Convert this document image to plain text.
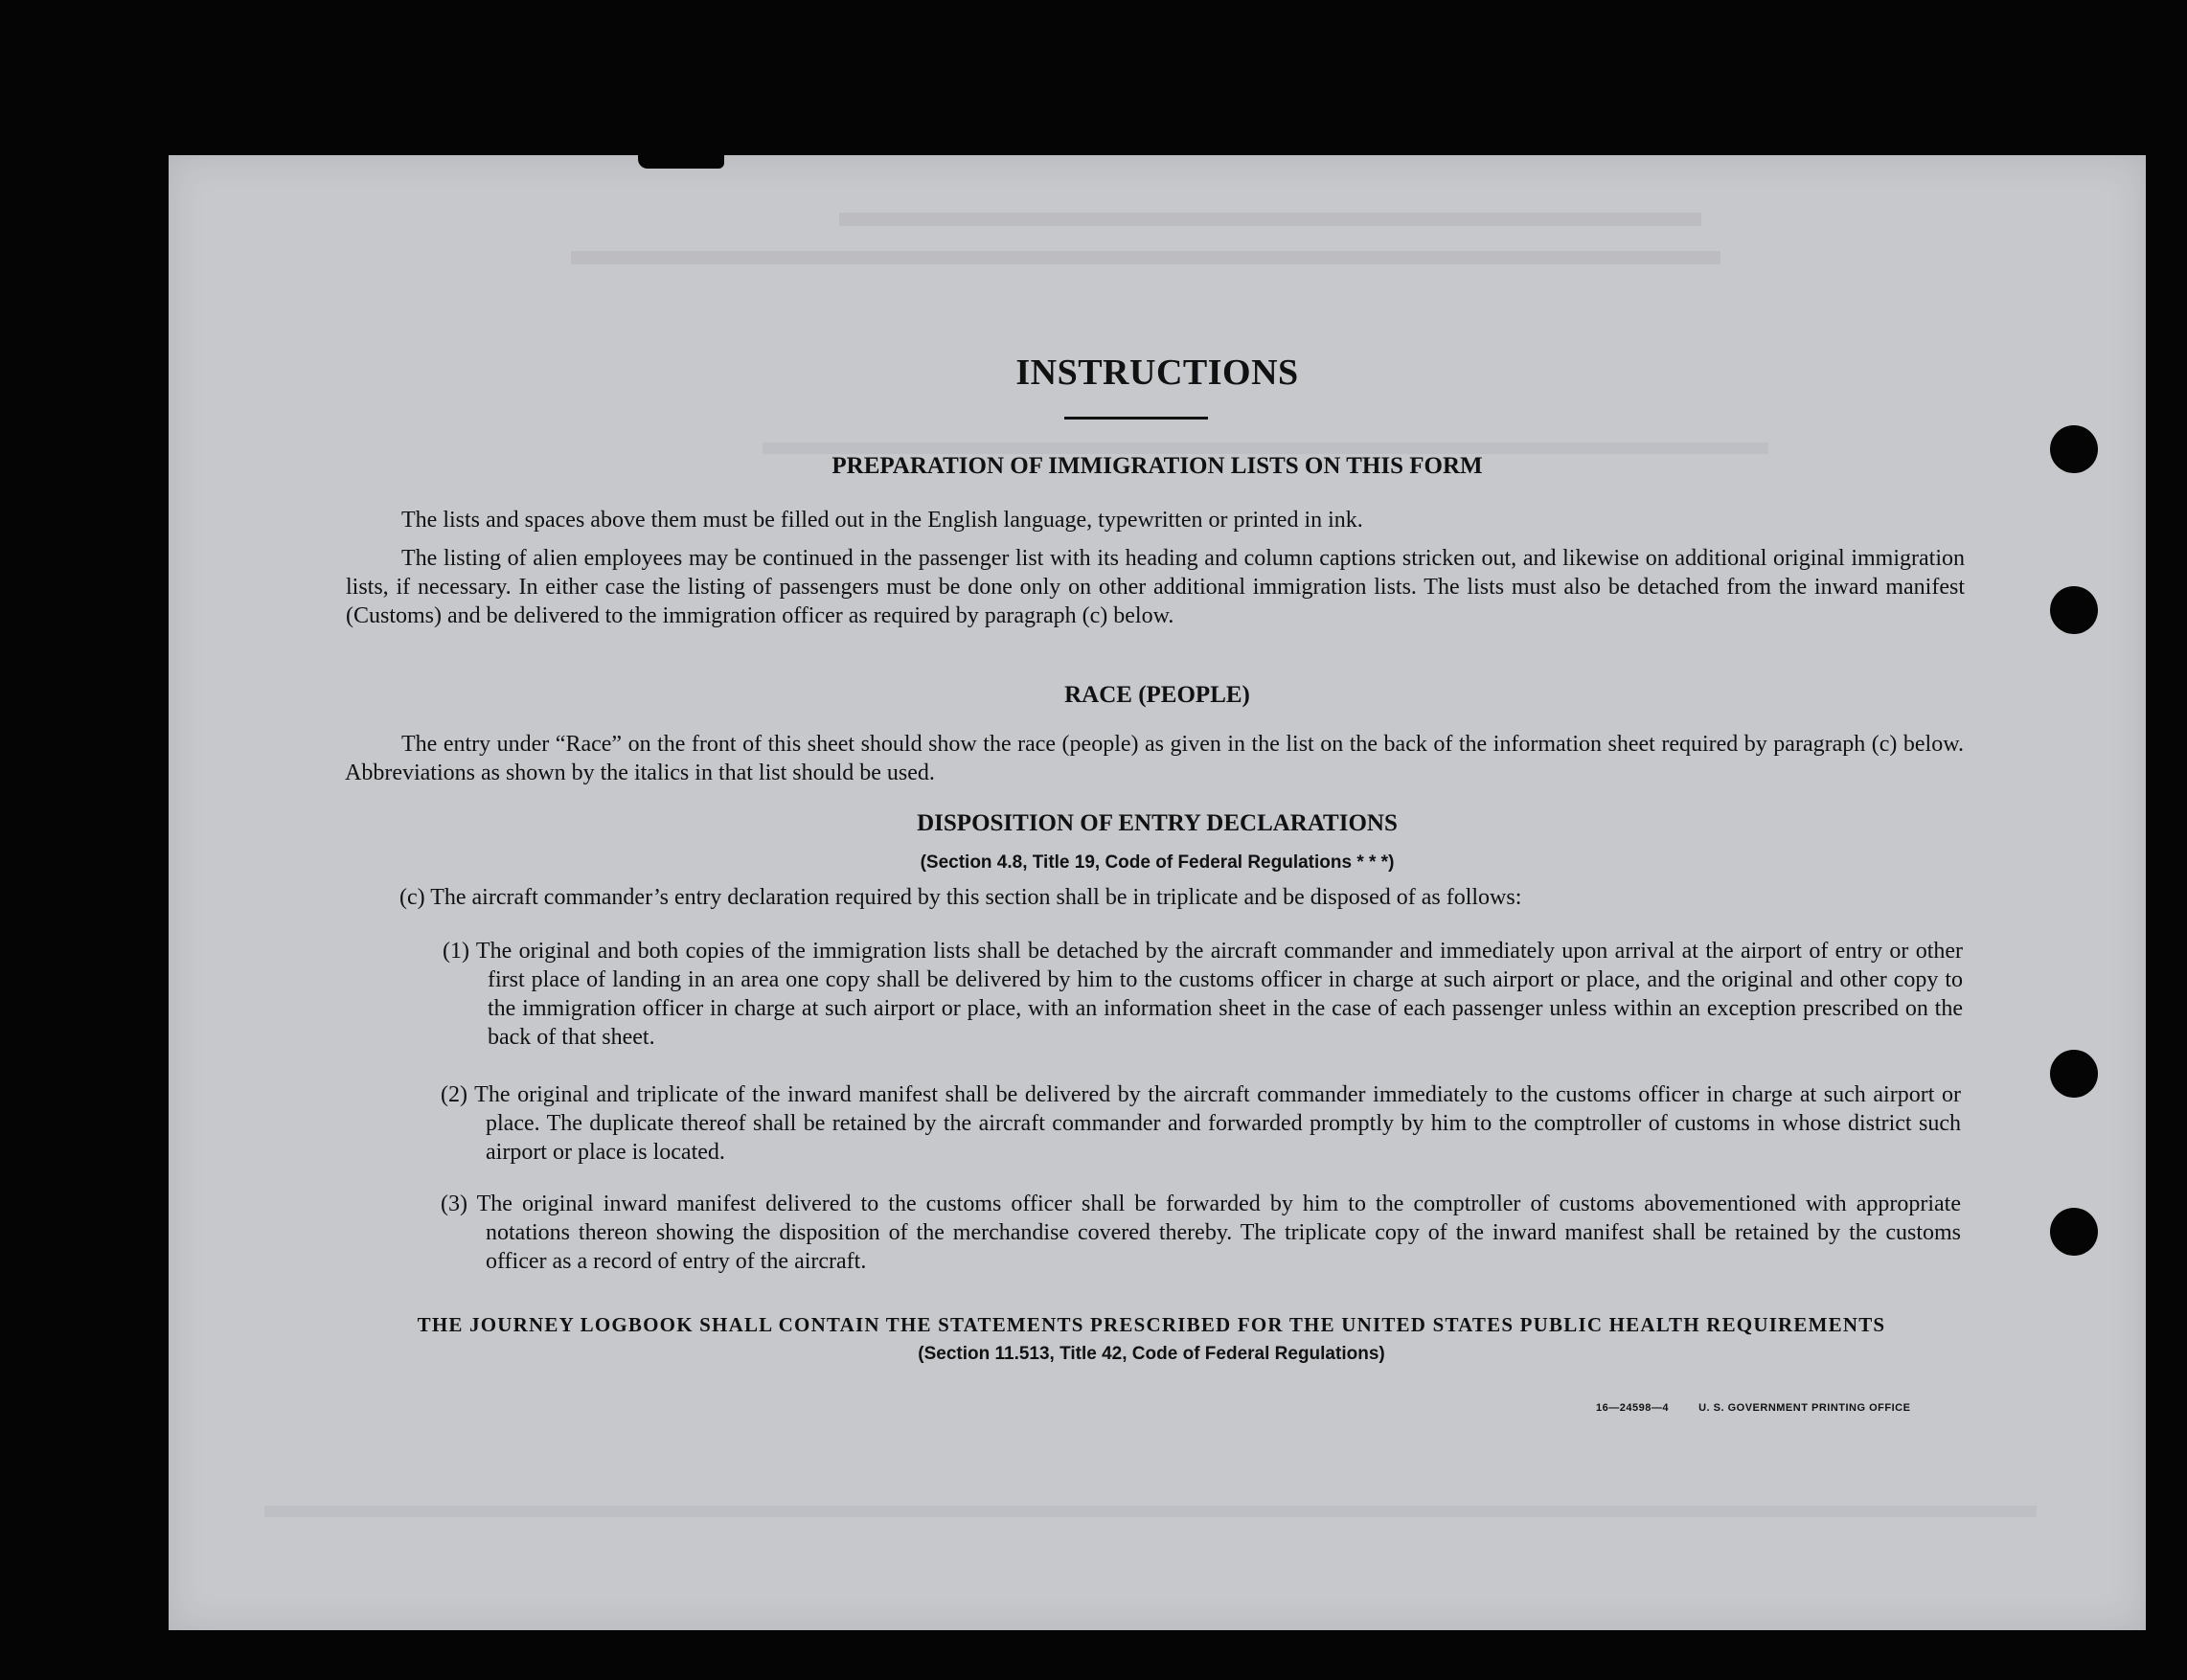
INSTRUCTIONS
PREPARATION OF IMMIGRATION LISTS ON THIS FORM
The lists and spaces above them must be filled out in the English language, typewritten or printed in ink.
The listing of alien employees may be continued in the passenger list with its heading and column captions stricken out, and likewise on additional original immigration lists, if necessary. In either case the listing of passengers must be done only on other additional immigration lists. The lists must also be detached from the inward manifest (Customs) and be delivered to the immigration officer as required by paragraph (c) below.
RACE (PEOPLE)
The entry under “Race” on the front of this sheet should show the race (people) as given in the list on the back of the information sheet required by paragraph (c) below. Abbreviations as shown by the italics in that list should be used.
DISPOSITION OF ENTRY DECLARATIONS
(Section 4.8, Title 19, Code of Federal Regulations * * *)
(c) The aircraft commander’s entry declaration required by this section shall be in triplicate and be disposed of as follows:
(1) The original and both copies of the immigration lists shall be detached by the aircraft commander and immediately upon arrival at the airport of entry or other first place of landing in an area one copy shall be delivered by him to the customs officer in charge at such airport or place, and the original and other copy to the immigration officer in charge at such airport or place, with an information sheet in the case of each passenger unless within an exception prescribed on the back of that sheet.
(2) The original and triplicate of the inward manifest shall be delivered by the aircraft commander immediately to the customs officer in charge at such airport or place. The duplicate thereof shall be retained by the aircraft commander and forwarded promptly by him to the comptroller of customs in whose district such airport or place is located.
(3) The original inward manifest delivered to the customs officer shall be forwarded by him to the comptroller of customs abovementioned with appropriate notations thereon showing the disposition of the merchandise covered thereby. The triplicate copy of the inward manifest shall be retained by the customs officer as a record of entry of the aircraft.
THE JOURNEY LOGBOOK SHALL CONTAIN THE STATEMENTS PRESCRIBED FOR THE UNITED STATES PUBLIC HEALTH REQUIREMENTS
(Section 11.513, Title 42, Code of Federal Regulations)
16—24598—4	U. S. GOVERNMENT PRINTING OFFICE
